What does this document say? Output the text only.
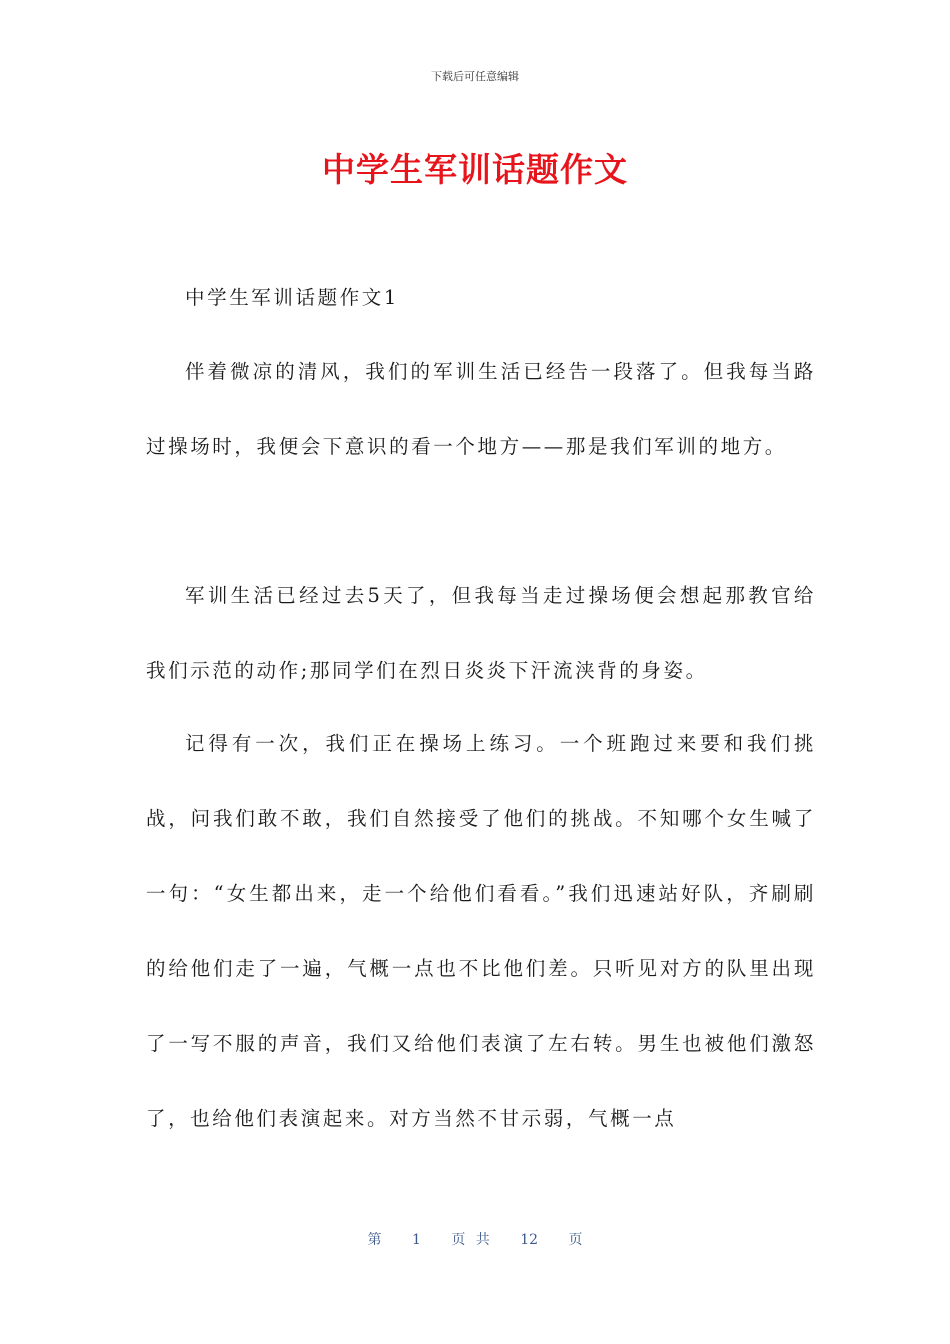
下载后可任意编辑
中学生军训话题作文

中学生军训话题作文1

伴着微凉的清风，我们的军训生活已经告一段落了。但我每当路过操场时，我便会下意识的看一个地方——那是我们军训的地方。

军训生活已经过去5天了，但我每当走过操场便会想起那教官给我们示范的动作;那同学们在烈日炎炎下汗流浃背的身姿。

记得有一次，我们正在操场上练习。一个班跑过来要和我们挑战，问我们敢不敢，我们自然接受了他们的挑战。不知哪个女生喊了一句：“女生都出来，走一个给他们看看。”我们迅速站好队，齐刷刷的给他们走了一遍，气概一点也不比他们差。只听见对方的队里出现了一写不服的声音，我们又给他们表演了左右转。男生也被他们激怒了，也给他们表演起来。对方当然不甘示弱，气概一点

第 1 页 共 12 页
